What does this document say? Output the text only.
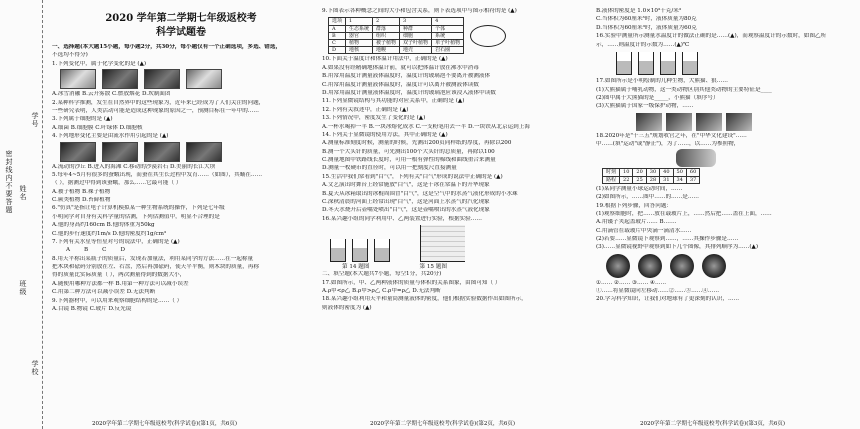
学号
姓名
密封线内不要答题
班级
学校
2020 学年第二学期七年级返校考
科学试题卷

一、选择题(本大题15小题，每小题2分，共30分，每小题仅有一个正确选项，多选、错选，

不选均不得分)

1.下列变化中，属于化学变化的是 (▲)

A.冰雪消融 B.云开雾散 C.燃放烟花 D.坎制面团

2.某种科学推测，发生在自然界中的这些现象为，近年来已经成为了人们关注的问题，

一些研究表明，人类活动可能是造成这种现象的原因之一，预测目标在一年中的……

3.下列属于细胞的是 (▲)

A.细菌 B.细胞膜 C.叶绿体 D.细胞核

4.下列地形变化主要是由流水作用引起的是 (▲)

A.流动的沙丘 B.进入的海滩 C.移动的沙漠岩石 D.美丽的长江大坝

5.每年4~5月有很多的蚕蛾出现，而蚕在其生长过程中发育……（如图），其蛹在……

（ ），据测过中得到该蚕蛾，那么……它最可能（ ）

A.被子植物 B.裸子植物

C.蕨类植物 D.苔藓植物

6."仿真"是指让电子计算机模拟某一种生物系统的操作，下列是七年级

小明同学对自身有关科学量的估测，下列估测值中，明显不合理的是

A.他的身高约160cm B.他的体重为50kg

C.他的步行速度约1m/s D.他的密度约1g/cm³

7.下列有关水星等恒星对号的说法中，正确的是 (▲)

A	B	C	D

8.用天平称出某瓶子的质量后，发现若加量法，利用某同学的方法……在一起称量

把木块和砝码分别放在左、右盘，然后再加砝码，使天平平衡，则木块的质量，再称

得的质量比实际质量（ ），两次测量得到的数据大小，

A.随便用哪种方法都一样 B.用第一种方法可以减小误差

C.用第二种方法可以减小误差 D.无法判断

9.下列器材中，可以用来观察细胞结构的是……（ ）

A.目镜 B.物镜 C.玻片 D.反光镜

2020学年第二学期七年级返校考(科学试卷)(第1页，共6页)

9.下图表示各种概念之间的大小和包含关系，则下表选项中与图示相符的是 (▲)

选项	1	2	3	4
A	生态系统	群落	种群	个体
B	器官	组织	细胞	系统
C	植物	被子植物	双子叶植物	单子叶植物
D	地核	地幔	地壳	岩石圈

10.下面关于温度计和体温计用法中，正确的是 (▲)

A.如果没有经精确地体温计前，就可以把体温计放在沸水中消毒

B.用常用温度计测量液体温度时，温度计的玻璃泡不要离开被测液体

C.用常用温度计测量液体温度时，温度计可以离开被测液体读数

D.用常用温度计测量液体温度时，温度计的玻璃泡应该浸入液体中读数

11.下列显微镜结构与其功能的对应关系中，正确的是 (▲)

12.下列有关叙述中，正确的是 (▲)

13.下列情况中，密度发生了变化的是 (▲)

A.一杯水喝掉一半 B.一块冰熔化成水 C.一支粉笔用去一半 D.一块铁从北京运到上海

14.下列关于显微镜的使用方法，其中正确的是 (▲)

A.测量标准刻度时候，测量的时候，先测出200页同样纸的厚度，再除以200

B.测一个大头针的质量，可先测出100个大头针的总质量，再除以100

C.测量地图中铁路线长度时，可用一根有弹性的棉线和曲线重合来测量

D.测量一枚硬币的直径时，可以用一把刻度尺直接测量

15.生活中我们常看到"白气"，下列有关"白气"形成的说法中正确的是 (▲)

A.文艺演出时舞台上经常施放"白气"，这是干冰在常温下的升华现象

B.夏天从冰箱取出的冰棍周围冒"白气"，这是空气中的水蒸气液化形成的小水珠

C.深秋清晨的河面上经常出现"白气"，这是河面上水蒸气的汽化现象

D.冬天水烧开后壶嘴处喷出"白气"，这是壶嘴喷出的水蒸气液化现象

16.某兴趣小组的同学利用甲、乙两装置进行实验，根据实验……

第 14 题图	第 15 题图

二、填空题(本大题共7小题，每空1分，共20分)

17.如图所示，甲、乙两种液体的质量与体积的关系图象，由图可知（ ）

A.ρ甲<ρ乙 B.ρ甲>ρ乙 C.ρ甲=ρ乙 D.无法判断

18.某兴趣小组利用天平和量筒测量液体的密度，他们根据实验数据作出如图所示，

则液体的密度为 (▲)

2020学年第二学期七年级返校考(科学试卷)(第2页，共6页)

B.液体的密度是 1.0×10³千克/米³

C.当体积为60厘米³时，液体质量为80克

D.当体积为60厘米³时，液体质量为60克

16.实验中测量所示测量水温度计的做法正确的是……(▲)，而观察温度计的示数时，如图乙所

示，……则温度计的示数为……(▲)℃

17.如图所示是小明绘制的几种生物，大熊猫、狼……

(1)大熊猫属于哺乳动物，这一类动物区别其他类动物的主要特征是____

(2)图中属于大熊猫的是_____，小熊猫（填序号）

(3)大熊猫属于国家一级保护动物，……

18.2020年是"十三五"规划收官之年，在"中华文化建设"……

中……(填"运动"或"静止")，为了……，以……为参照物，

时刻	10	20	30	40	50	60
路程	22	25	28	31	34	37

(1)某同学测量小球运动时间，……

(2)如图所示，……图中……的……是……

19.根据下列步骤，回答问题：

(1)观察细胞时，把……放在载玻片上，……然后把……盖在上面，……

A.用镊子夹起盖玻片…… B.……

C.用滴管在载玻片中央滴一滴清水……

(2)若要……显微镜下观察到……，……其操作步骤是……

(3)……显微镜视野中观察到如下几个图像，其排列顺序为……(▲)

①…… ②…… ③…… ④……

①……将显微镜向左移动……②……③……④……

20.学习科学知识，让我们对地球有了更深刻的认识，……

2020学年第二学期七年级返校考(科学试卷)(第3页，共6页)
